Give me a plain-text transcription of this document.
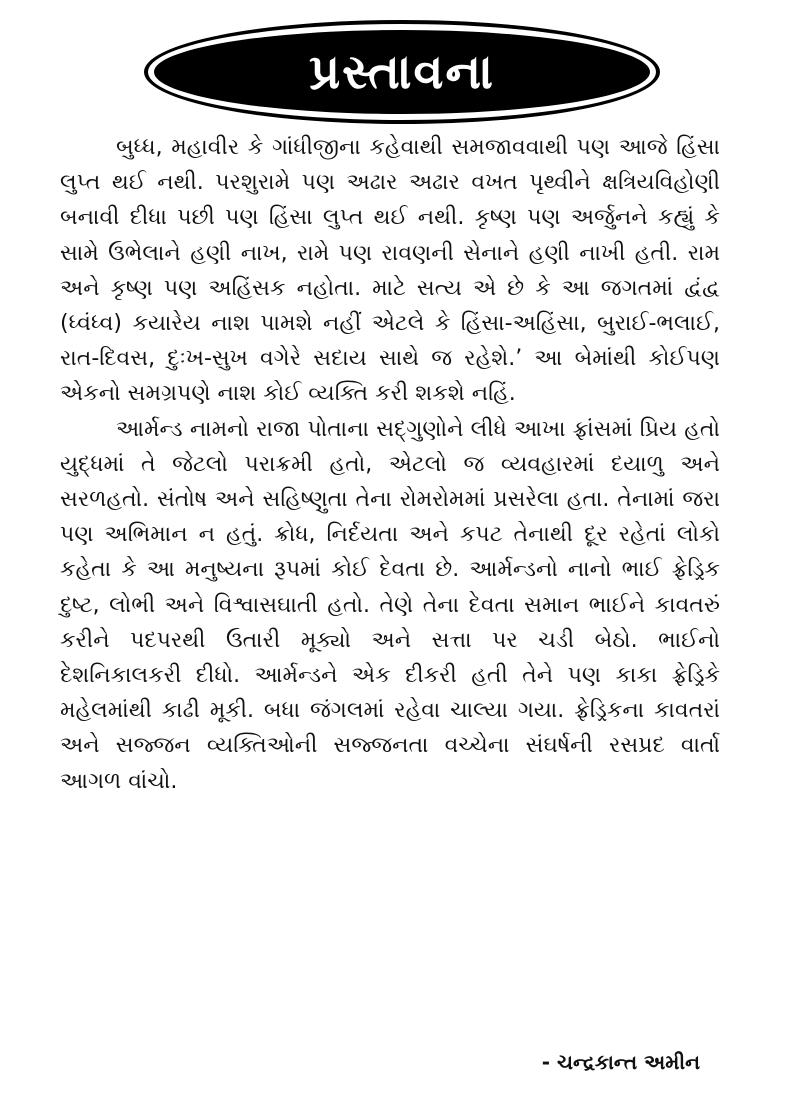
પ્રસ્તાવના

બુધ્ધ, મહાવીર કે ગાંધીજીના કહેવાથી સમજાવવાથી પણ આજે હિંસા લુપ્ત થઈ નથી. પરશુરામે પણ અઢાર અઢાર વખત પૃથ્વીને ક્ષત્રિયવિહોણી બનાવી દીધા પછી પણ હિંસા લુપ્ત થઈ નથી. કૃષ્ણ પણ અર્જુનને કહ્યું કે સામે ઉભેલાને હણી નાખ, રામે પણ રાવણની સેનાને હણી નાખી હતી. રામ અને કૃષ્ણ પણ અહિંસક નહોતા. માટે સત્ય એ છે કે આ જગતમાં દ્વંદ્વ (ધ્વંધ્વ) કયારેય નાશ પામશે નહીં એટલે કે હિંસા-અહિંસા, બુરાઈ-ભલાઈ, રાત-દિવસ, દુઃખ-સુખ વગેરે સદાય સાથે જ રહેશે.’ આ બેમાંથી કોઈપણ એકનો સમગ્રપણે નાશ કોઈ વ્યક્તિ કરી શકશે નહિં.

આર્મન્ડ નામનો રાજા પોતાના સદ્‌ગુણોને લીધે આખા ફ્રાંસમાં પ્રિય હતો યુદ્ધમાં તે જેટલો પરાક્રમી હતો, એટલો જ વ્યવહારમાં દયાળુ અને સરળહતો. સંતોષ અને સહિષ્ણુતા તેના રોમરોમમાં પ્રસરેલા હતા. તેનામાં જરા પણ અભિમાન ન હતું. ક્રોધ, નિર્દયતા અને કપટ તેનાથી દૂર રહેતાં લોકો કહેતા કે આ મનુષ્યના રૂપમાં કોઈ દેવતા છે. આર્મન્ડનો નાનો ભાઈ ફ્રેડ્રિક દુષ્ટ, લોભી અને વિશ્વાસઘાતી હતો. તેણે તેના દેવતા સમાન ભાઈને કાવતરું કરીને પદપરથી ઉતારી મૂક્યો અને સત્તા પર ચડી બેઠો. ભાઈનો દેશનિકાલકરી દીધો. આર્મન્ડને એક દીકરી હતી તેને પણ કાકા ફ્રેડ્રિકે મહેલમાંથી કાઢી મૂકી. બધા જંગલમાં રહેવા ચાલ્યા ગયા. ફ્રેડ્રિકના કાવતરાં અને સજ્જન વ્યક્તિઓની સજ્જનતા વચ્ચેના સંઘર્ષની રસપ્રદ વાર્તા આગળ વાંચો.

- ચન્દ્રકાન્ત અમીન
